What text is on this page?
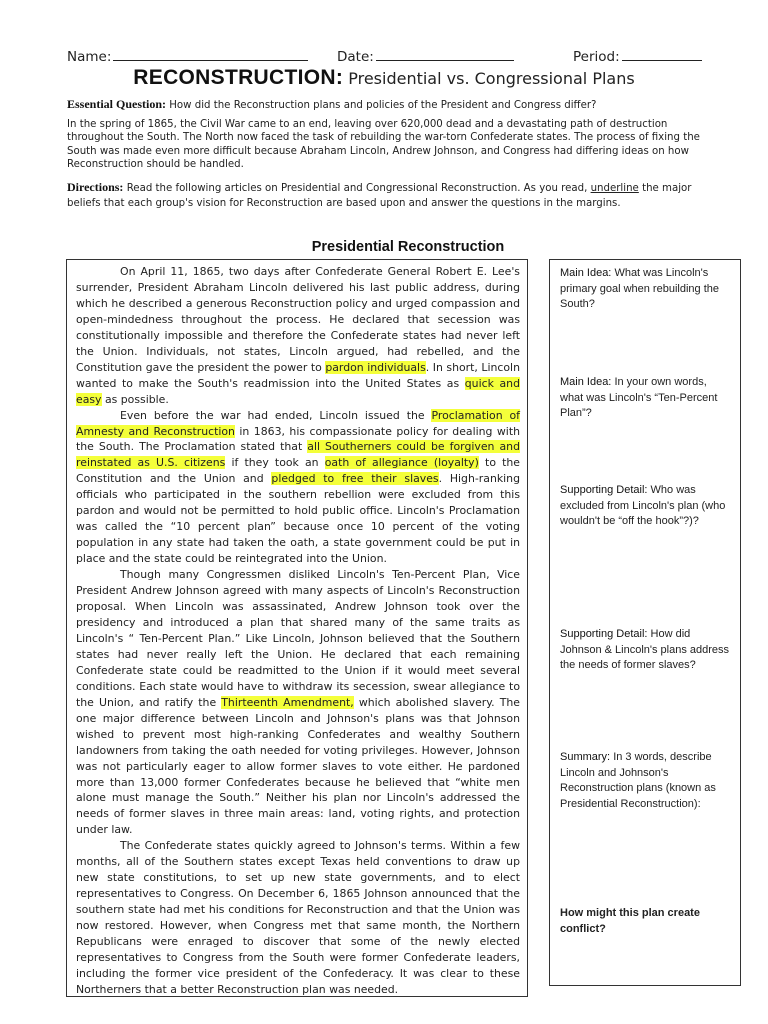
Name:	Date:	Period:
RECONSTRUCTION: Presidential vs. Congressional Plans
Essential Question: How did the Reconstruction plans and policies of the President and Congress differ?
In the spring of 1865, the Civil War came to an end, leaving over 620,000 dead and a devastating path of destruction throughout the South. The North now faced the task of rebuilding the war-torn Confederate states. The process of fixing the South was made even more difficult because Abraham Lincoln, Andrew Johnson, and Congress had differing ideas on how Reconstruction should be handled.
Directions: Read the following articles on Presidential and Congressional Reconstruction. As you read, underline the major beliefs that each group's vision for Reconstruction are based upon and answer the questions in the margins.
Presidential Reconstruction

On April 11, 1865, two days after Confederate General Robert E. Lee's surrender, President Abraham Lincoln delivered his last public address, during which he described a generous Reconstruction policy and urged compassion and open-mindedness throughout the process. He declared that secession was constitutionally impossible and therefore the Confederate states had never left the Union. Individuals, not states, Lincoln argued, had rebelled, and the Constitution gave the president the power to pardon individuals. In short, Lincoln wanted to make the South's readmission into the United States as quick and easy as possible.

Even before the war had ended, Lincoln issued the Proclamation of Amnesty and Reconstruction in 1863, his compassionate policy for dealing with the South. The Proclamation stated that all Southerners could be forgiven and reinstated as U.S. citizens if they took an oath of allegiance (loyalty) to the Constitution and the Union and pledged to free their slaves. High-ranking officials who participated in the southern rebellion were excluded from this pardon and would not be permitted to hold public office. Lincoln's Proclamation was called the “10 percent plan” because once 10 percent of the voting population in any state had taken the oath, a state government could be put in place and the state could be reintegrated into the Union.

Though many Congressmen disliked Lincoln's Ten-Percent Plan, Vice President Andrew Johnson agreed with many aspects of Lincoln's Reconstruction proposal. When Lincoln was assassinated, Andrew Johnson took over the presidency and introduced a plan that shared many of the same traits as Lincoln's “ Ten-Percent Plan.” Like Lincoln, Johnson believed that the Southern states had never really left the Union. He declared that each remaining Confederate state could be readmitted to the Union if it would meet several conditions. Each state would have to withdraw its secession, swear allegiance to the Union, and ratify the Thirteenth Amendment, which abolished slavery. The one major difference between Lincoln and Johnson's plans was that Johnson wished to prevent most high-ranking Confederates and wealthy Southern landowners from taking the oath needed for voting privileges. However, Johnson was not particularly eager to allow former slaves to vote either. He pardoned more than 13,000 former Confederates because he believed that “white men alone must manage the South.” Neither his plan nor Lincoln's addressed the needs of former slaves in three main areas: land, voting rights, and protection under law.

The Confederate states quickly agreed to Johnson's terms. Within a few months, all of the Southern states except Texas held conventions to draw up new state constitutions, to set up new state governments, and to elect representatives to Congress. On December 6, 1865 Johnson announced that the southern state had met his conditions for Reconstruction and that the Union was now restored. However, when Congress met that same month, the Northern Republicans were enraged to discover that some of the newly elected representatives to Congress from the South were former Confederate leaders, including the former vice president of the Confederacy. It was clear to these Northerners that a better Reconstruction plan was needed.

Main Idea: What was Lincoln's primary goal when rebuilding the South?
Main Idea: In your own words, what was Lincoln's “Ten-Percent Plan”?
Supporting Detail: Who was excluded from Lincoln's plan (who wouldn't be “off the hook”?)?
Supporting Detail: How did Johnson & Lincoln's plans address the needs of former slaves?
Summary: In 3 words, describe Lincoln and Johnson's Reconstruction plans (known as Presidential Reconstruction):
How might this plan create conflict?
